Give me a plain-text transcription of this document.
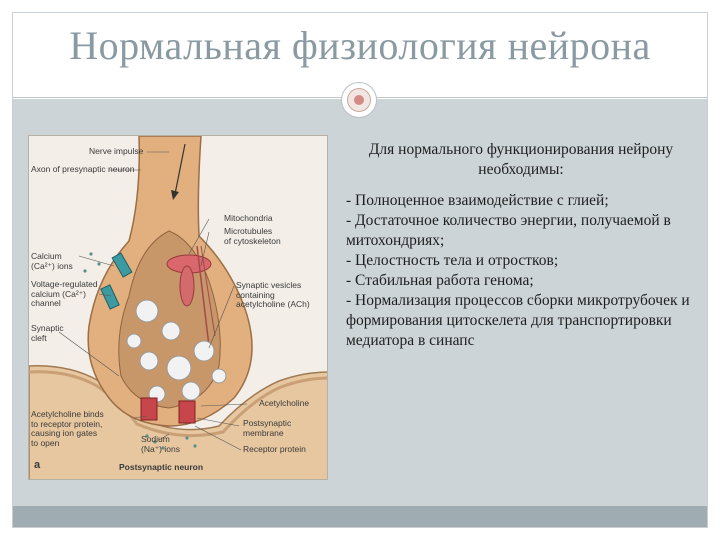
Нормальная физиология нейрона
Nerve impulse
Axon of presynaptic neuron
Mitochondria
Calcium
(Ca²⁺) ions
Microtubules
of cytoskeleton
Voltage-regulated
calcium (Ca²⁺)
channel
Synaptic vesicles
containing
acetylcholine (ACh)
Synaptic
cleft
Acetylcholine
Acetylcholine binds
to receptor protein,
causing ion gates
to open
Postsynaptic
membrane
Sodium
(Na⁺) ions	Receptor protein
Postsynaptic neuron
a

Для нормального функционирования нейрону необходимы:

- Полноценное взаимодействие с глией;
- Достаточное количество энергии, получаемой в митохондриях;
- Целостность тела и отростков;
- Стабильная работа генома;
- Нормализация процессов сборки микротрубочек и формирования цитоскелета для транспортировки медиатора в синапс
